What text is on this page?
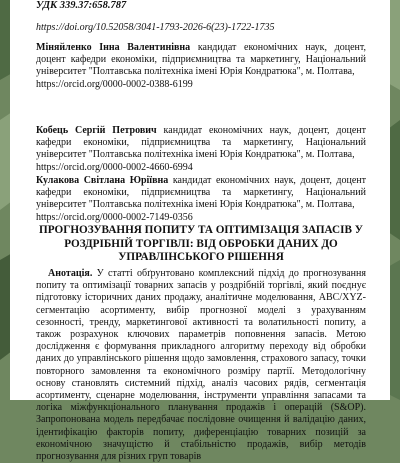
УДК 339.37:658.787
https://doi.org/10.52058/3041-1793-2026-6(23)-1722-1735
Міняйленко Інна Валентинівна кандидат економічних наук, доцент, доцент кафедри економіки, підприємництва та маркетингу, Національний університет "Полтавська політехніка імені Юрія Кондратюка", м. Полтава,
https://orcid.org/0000-0002-0388-6199
Кобець Сергій Петрович кандидат економічних наук, доцент, доцент кафедри економіки, підприємництва та маркетингу, Національний університет "Полтавська політехніка імені Юрія Кондратюка", м. Полтава,
https://orcid.org/0000-0002-4660-6994
Кулакова Світлана Юріївна кандидат економічних наук, доцент, доцент кафедри економіки, підприємництва та маркетингу, Національний університет "Полтавська політехніка імені Юрія Кондратюка", м. Полтава,
https://orcid.org/0000-0002-7149-0356
ПРОГНОЗУВАННЯ ПОПИТУ ТА ОПТИМІЗАЦІЯ ЗАПАСІВ У РОЗДРІБНІЙ ТОРГІВЛІ: ВІД ОБРОБКИ ДАНИХ ДО УПРАВЛІНСЬКОГО РІШЕННЯ
Анотація. У статті обґрунтовано комплексний підхід до прогнозування попиту та оптимізації товарних запасів у роздрібній торгівлі, який поєднує підготовку історичних даних продажу, аналітичне моделювання, ABC/XYZ-сегментацію асортименту, вибір прогнозної моделі з урахуванням сезонності, тренду, маркетингової активності та волатильності попиту, а також розрахунок ключових параметрів поповнення запасів. Метою дослідження є формування прикладного алгоритму переходу від обробки даних до управлінського рішення щодо замовлення, страхового запасу, точки повторного замовлення та економічного розміру партії. Методологічну основу становлять системний підхід, аналіз часових рядів, сегментація асортименту, сценарне моделювання, інструменти управління запасами та логіка міжфункціонального планування продажів і операцій (S&OP). Запропонована модель передбачає послідовне очищення й валідацію даних, ідентифікацію факторів попиту, диференціацію товарних позицій за економічною значущістю й стабільністю продажів, вибір методів прогнозування для різних груп товарів
